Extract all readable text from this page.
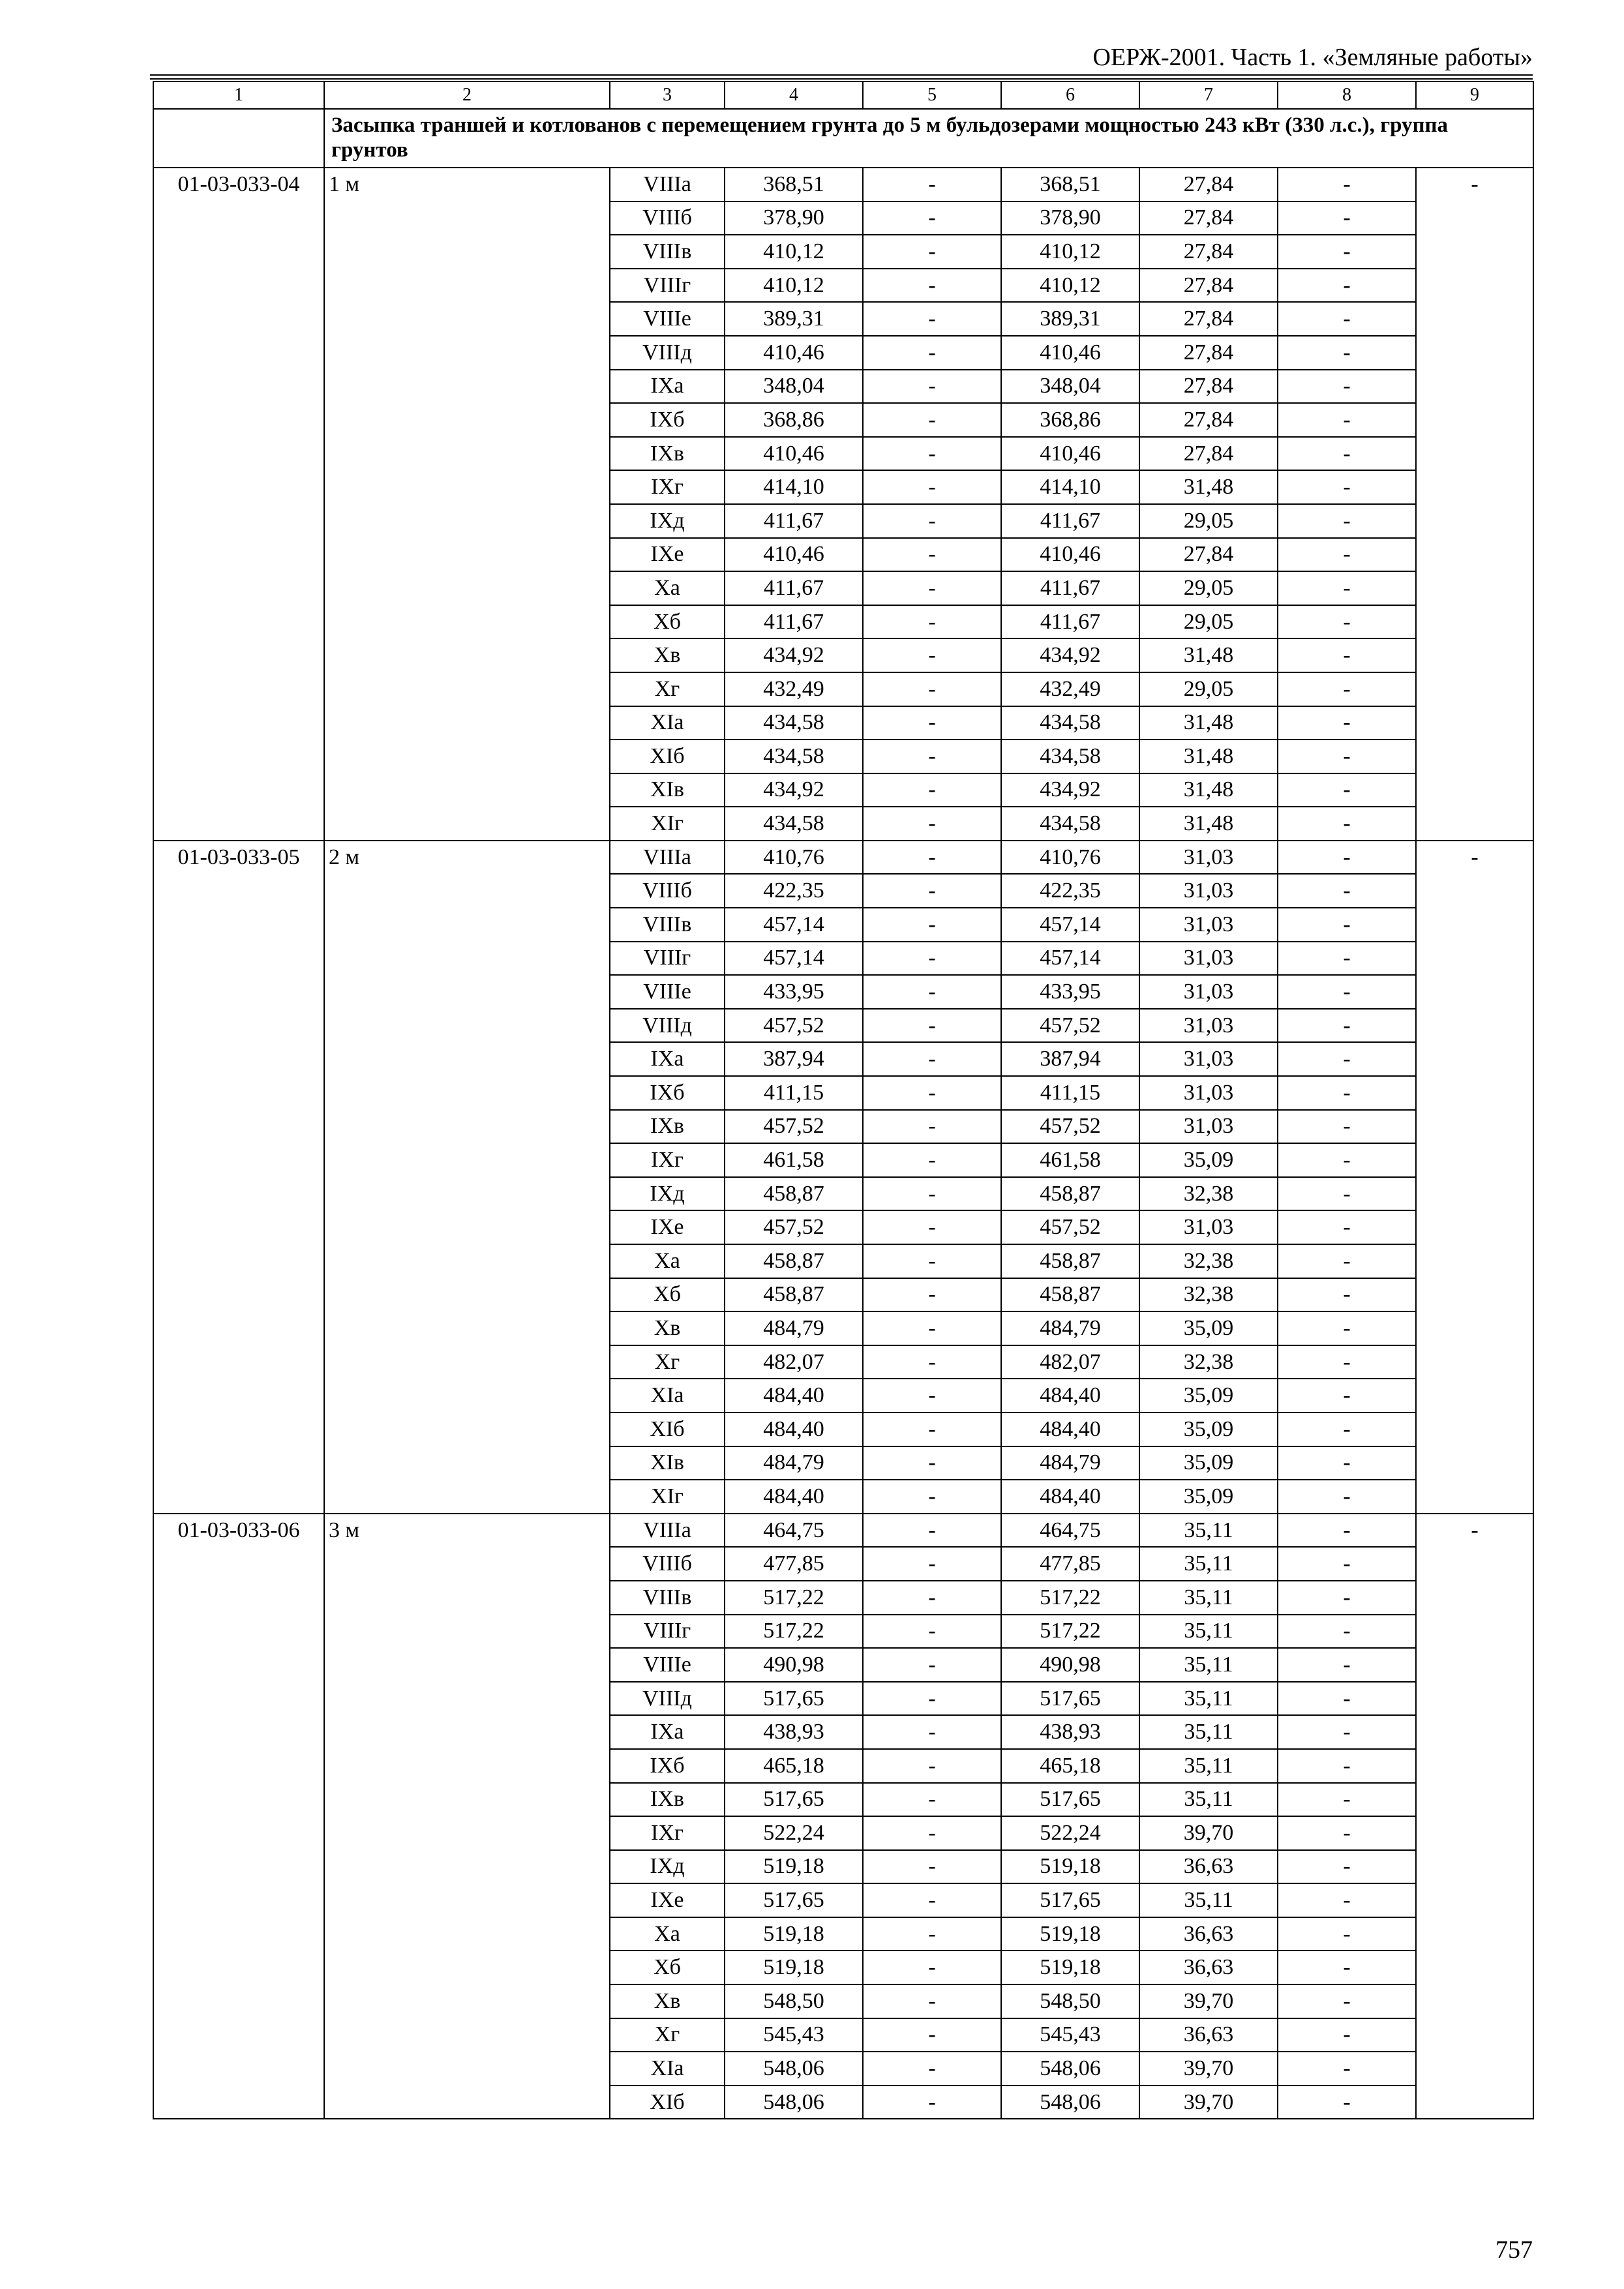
ОЕРЖ-2001. Часть 1. «Земляные работы»
1	2	3	4	5	6	7	8	9
	Засыпка траншей и котлованов с перемещением грунта до 5 м бульдозерами мощностью 243 кВт (330 л.с.), группа грунтов							
01-03-033-04	1 м	VIIIа	368,51	-	368,51	27,84	-	-
		VIIIб	378,90	-	378,90	27,84	-	
		VIIIв	410,12	-	410,12	27,84	-	
		VIIIг	410,12	-	410,12	27,84	-	
		VIIIе	389,31	-	389,31	27,84	-	
		VIIIд	410,46	-	410,46	27,84	-	
		IXа	348,04	-	348,04	27,84	-	
		IXб	368,86	-	368,86	27,84	-	
		IXв	410,46	-	410,46	27,84	-	
		IXг	414,10	-	414,10	31,48	-	
		IXд	411,67	-	411,67	29,05	-	
		IXе	410,46	-	410,46	27,84	-	
		Xа	411,67	-	411,67	29,05	-	
		Xб	411,67	-	411,67	29,05	-	
		Xв	434,92	-	434,92	31,48	-	
		Xг	432,49	-	432,49	29,05	-	
		XIа	434,58	-	434,58	31,48	-	
		XIб	434,58	-	434,58	31,48	-	
		XIв	434,92	-	434,92	31,48	-	
		XIг	434,58	-	434,58	31,48	-	
01-03-033-05	2 м	VIIIа	410,76	-	410,76	31,03	-	-
		VIIIб	422,35	-	422,35	31,03	-	
		VIIIв	457,14	-	457,14	31,03	-	
		VIIIг	457,14	-	457,14	31,03	-	
		VIIIе	433,95	-	433,95	31,03	-	
		VIIIд	457,52	-	457,52	31,03	-	
		IXа	387,94	-	387,94	31,03	-	
		IXб	411,15	-	411,15	31,03	-	
		IXв	457,52	-	457,52	31,03	-	
		IXг	461,58	-	461,58	35,09	-	
		IXд	458,87	-	458,87	32,38	-	
		IXе	457,52	-	457,52	31,03	-	
		Xа	458,87	-	458,87	32,38	-	
		Xб	458,87	-	458,87	32,38	-	
		Xв	484,79	-	484,79	35,09	-	
		Xг	482,07	-	482,07	32,38	-	
		XIа	484,40	-	484,40	35,09	-	
		XIб	484,40	-	484,40	35,09	-	
		XIв	484,79	-	484,79	35,09	-	
		XIг	484,40	-	484,40	35,09	-	
01-03-033-06	3 м	VIIIа	464,75	-	464,75	35,11	-	-
		VIIIб	477,85	-	477,85	35,11	-	
		VIIIв	517,22	-	517,22	35,11	-	
		VIIIг	517,22	-	517,22	35,11	-	
		VIIIе	490,98	-	490,98	35,11	-	
		VIIIд	517,65	-	517,65	35,11	-	
		IXа	438,93	-	438,93	35,11	-	
		IXб	465,18	-	465,18	35,11	-	
		IXв	517,65	-	517,65	35,11	-	
		IXг	522,24	-	522,24	39,70	-	
		IXд	519,18	-	519,18	36,63	-	
		IXе	517,65	-	517,65	35,11	-	
		Xа	519,18	-	519,18	36,63	-	
		Xб	519,18	-	519,18	36,63	-	
		Xв	548,50	-	548,50	39,70	-	
		Xг	545,43	-	545,43	36,63	-	
		XIа	548,06	-	548,06	39,70	-	
		XIб	548,06	-	548,06	39,70	-	
757
